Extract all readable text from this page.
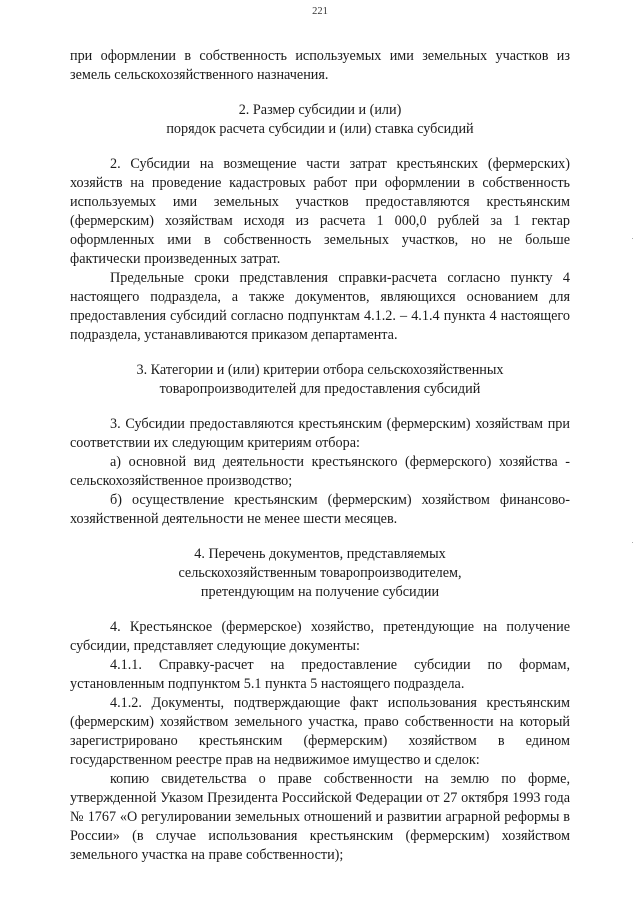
221

при оформлении в собственность используемых ими земельных участков из земель сельскохозяйственного назначения.

2. Размер субсидии и (или)
порядок расчета субсидии и (или) ставка субсидий

2. Субсидии на возмещение части затрат крестьянских (фермерских) хозяйств на проведение кадастровых работ при оформлении в собственность используемых ими земельных участков предоставляются крестьянским (фермерским) хозяйствам исходя из расчета 1 000,0 рублей за 1 гектар оформленных ими в собственность земельных участков, но не больше фактически произведенных затрат.

Предельные сроки представления справки-расчета согласно пункту 4 настоящего подраздела, а также документов, являющихся основанием для предоставления субсидий согласно подпунктам 4.1.2. – 4.1.4 пункта 4 настоящего подраздела, устанавливаются приказом департамента.

3. Категории и (или) критерии отбора сельскохозяйственных
товаропроизводителей для предоставления субсидий

3. Субсидии предоставляются крестьянским (фермерским) хозяйствам при соответствии их следующим критериям отбора:

а) основной вид деятельности крестьянского (фермерского) хозяйства - сельскохозяйственное производство;

б) осуществление крестьянским (фермерским) хозяйством финансово-хозяйственной деятельности не менее шести месяцев.

4. Перечень документов, представляемых
сельскохозяйственным товаропроизводителем,
претендующим на получение субсидии

4. Крестьянское (фермерское) хозяйство, претендующие на получение субсидии, представляет следующие документы:

4.1.1. Справку-расчет на предоставление субсидии по формам, установленным подпунктом 5.1 пункта 5 настоящего подраздела.

4.1.2. Документы, подтверждающие факт использования крестьянским (фермерским) хозяйством земельного участка, право собственности на который зарегистрировано крестьянским (фермерским) хозяйством в едином государственном реестре прав на недвижимое имущество и сделок:

копию свидетельства о праве собственности на землю по форме, утвержденной Указом Президента Российской Федерации от 27 октября 1993 года № 1767 «О регулировании земельных отношений и развитии аграрной реформы в России» (в случае использования крестьянским (фермерским) хозяйством земельного участка на праве собственности);
